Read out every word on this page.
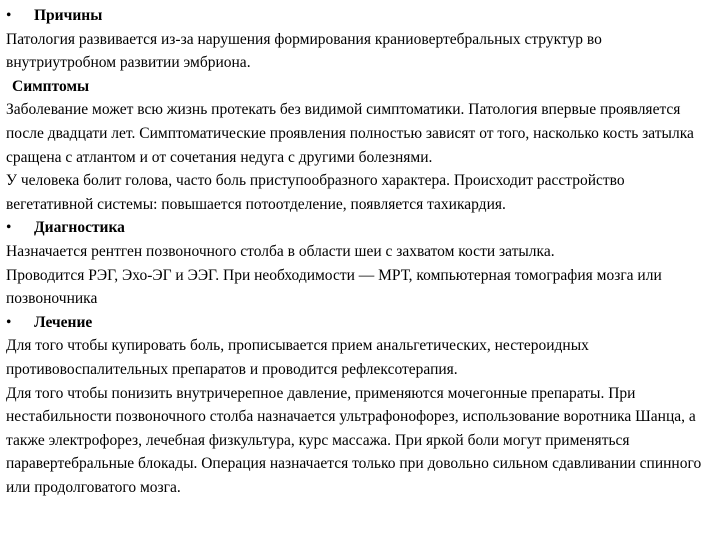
•	Причины

Патология развивается из-за нарушения формирования краниовертебральных структур во внутриутробном развитии эмбриона.

Симптомы

Заболевание может всю жизнь протекать без видимой симптоматики. Патология впервые проявляется после двадцати лет. Симптоматические проявления полностью зависят от того, насколько кость затылка сращена с атлантом и от сочетания недуга с другими болезнями.

У человека болит голова, часто боль приступообразного характера. Происходит расстройство вегетативной системы: повышается потоотделение, появляется тахикардия.

•	Диагностика

Назначается рентген позвоночного столба в области шеи с захватом кости затылка.

Проводится РЭГ, Эхо-ЭГ и ЭЭГ. При необходимости — МРТ, компьютерная томография мозга или позвоночника

•	Лечение

Для того чтобы купировать боль, прописывается прием анальгетических, нестероидных противовоспалительных препаратов и проводится рефлексотерапия.

Для того чтобы понизить внутричерепное давление, применяются мочегонные препараты. При нестабильности позвоночного столба назначается ультрафонофорез, использование воротника Шанца, а также электрофорез, лечебная физкультура, курс массажа. При яркой боли могут применяться паравертебральные блокады. Операция назначается только при довольно сильном сдавливании спинного или продолговатого мозга.
